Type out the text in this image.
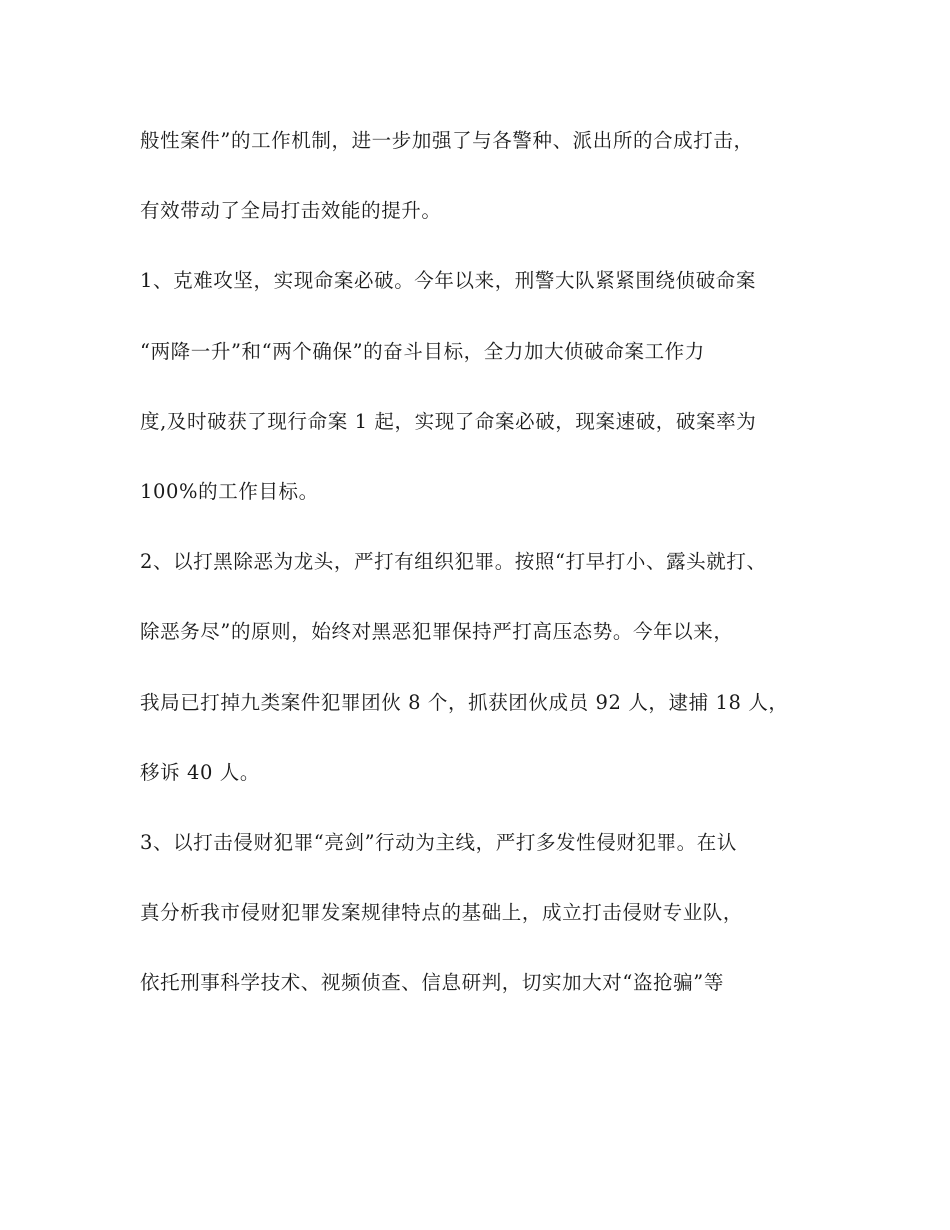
般性案件”的工作机制，进一步加强了与各警种、派出所的合成打击，
有效带动了全局打击效能的提升。
1、克难攻坚，实现命案必破。今年以来，刑警大队紧紧围绕侦破命案
“两降一升”和“两个确保”的奋斗目标，全力加大侦破命案工作力
度,及时破获了现行命案 1 起，实现了命案必破，现案速破，破案率为
100%的工作目标。
2、以打黑除恶为龙头，严打有组织犯罪。按照“打早打小、露头就打、
除恶务尽”的原则，始终对黑恶犯罪保持严打高压态势。今年以来，
我局已打掉九类案件犯罪团伙 8 个，抓获团伙成员 92 人，逮捕 18 人，
移诉 40 人。
3、以打击侵财犯罪“亮剑”行动为主线，严打多发性侵财犯罪。在认
真分析我市侵财犯罪发案规律特点的基础上，成立打击侵财专业队，
依托刑事科学技术、视频侦查、信息研判，切实加大对“盗抢骗”等
